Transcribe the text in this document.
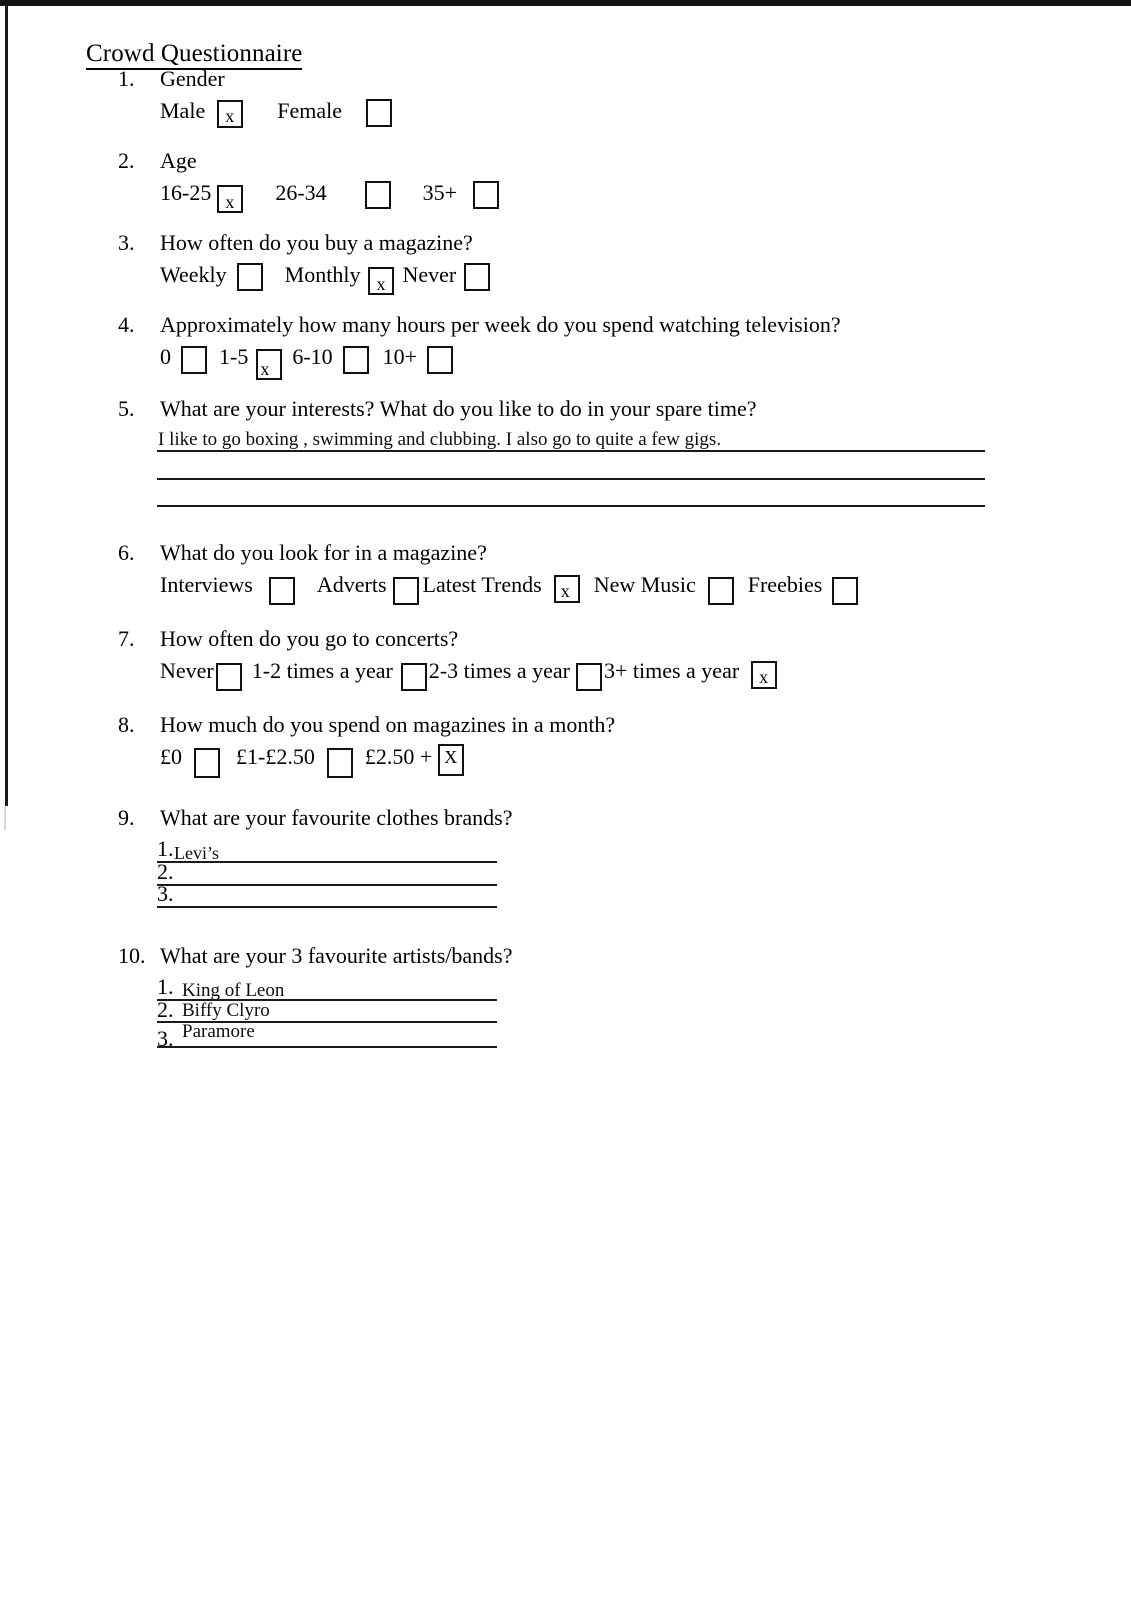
Crowd Questionnaire
1.	Gender
Male x Female
2.	Age
16-25 x 26-34	35+
3.	How often do you buy a magazine?
Weekly	Monthly x Never
4.	Approximately how many hours per week do you spend watching television?
0 1-5 x 6-10 10+
5.	What are your interests? What do you like to do in your spare time?
I like to go boxing , swimming and clubbing. I also go to quite a few gigs.
6.	What do you look for in a magazine?
Interviews	Adverts Latest Trends x New Music Freebies
7.	How often do you go to concerts?
Never 1-2 times a year 2-3 times a year 3+ times a year x
8.	How much do you spend on magazines in a month?
£0 £1-£2.50 £2.50 + X
9.	What are your favourite clothes brands?
1. Levi’s
2.
3.
10. What are your 3 favourite artists/bands?
1. King of Leon
2. Biffy Clyro
3. Paramore
